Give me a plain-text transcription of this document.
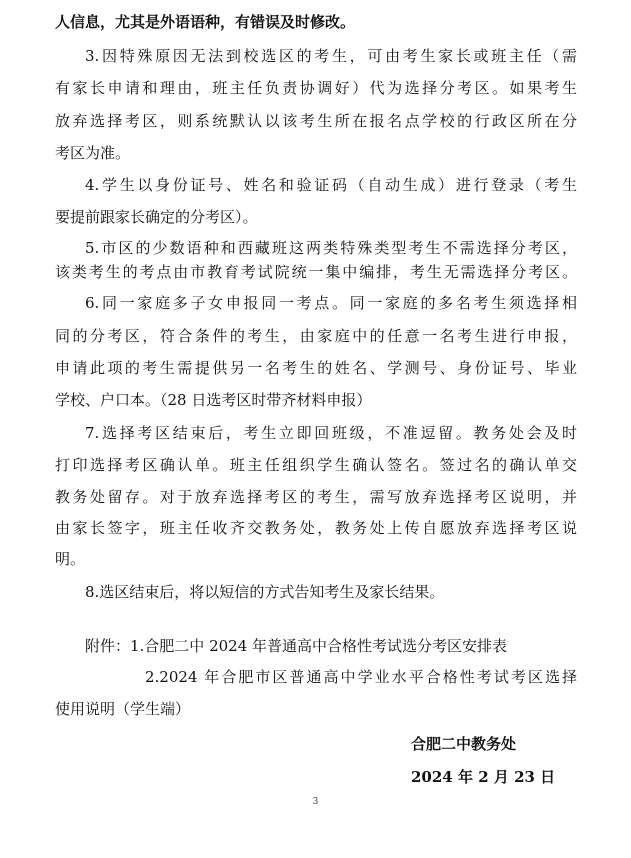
人信息，尤其是外语语种，有错误及时修改。
3.因特殊原因无法到校选区的考生，可由考生家长或班主任（需
有家长申请和理由，班主任负责协调好）代为选择分考区。如果考生
放弃选择考区，则系统默认以该考生所在报名点学校的行政区所在分
考区为准。
4.学生以身份证号、姓名和验证码（自动生成）进行登录（考生
要提前跟家长确定的分考区）。
5.市区的少数语种和西藏班这两类特殊类型考生不需选择分考区，
该类考生的考点由市教育考试院统一集中编排，考生无需选择分考区。
6.同一家庭多子女申报同一考点。同一家庭的多名考生须选择相
同的分考区，符合条件的考生，由家庭中的任意一名考生进行申报，
申请此项的考生需提供另一名考生的姓名、学测号、身份证号、毕业
学校、户口本。（28 日选考区时带齐材料申报）
7.选择考区结束后，考生立即回班级，不准逗留。教务处会及时
打印选择考区确认单。班主任组织学生确认签名。签过名的确认单交
教务处留存。对于放弃选择考区的考生，需写放弃选择考区说明，并
由家长签字，班主任收齐交教务处，教务处上传自愿放弃选择考区说
明。
8.选区结束后，将以短信的方式告知考生及家长结果。
附件：1.合肥二中 2024 年普通高中合格性考试选分考区安排表
2.2024 年合肥市区普通高中学业水平合格性考试考区选择
使用说明（学生端）
合肥二中教务处
2024 年 2 月 23 日
3
